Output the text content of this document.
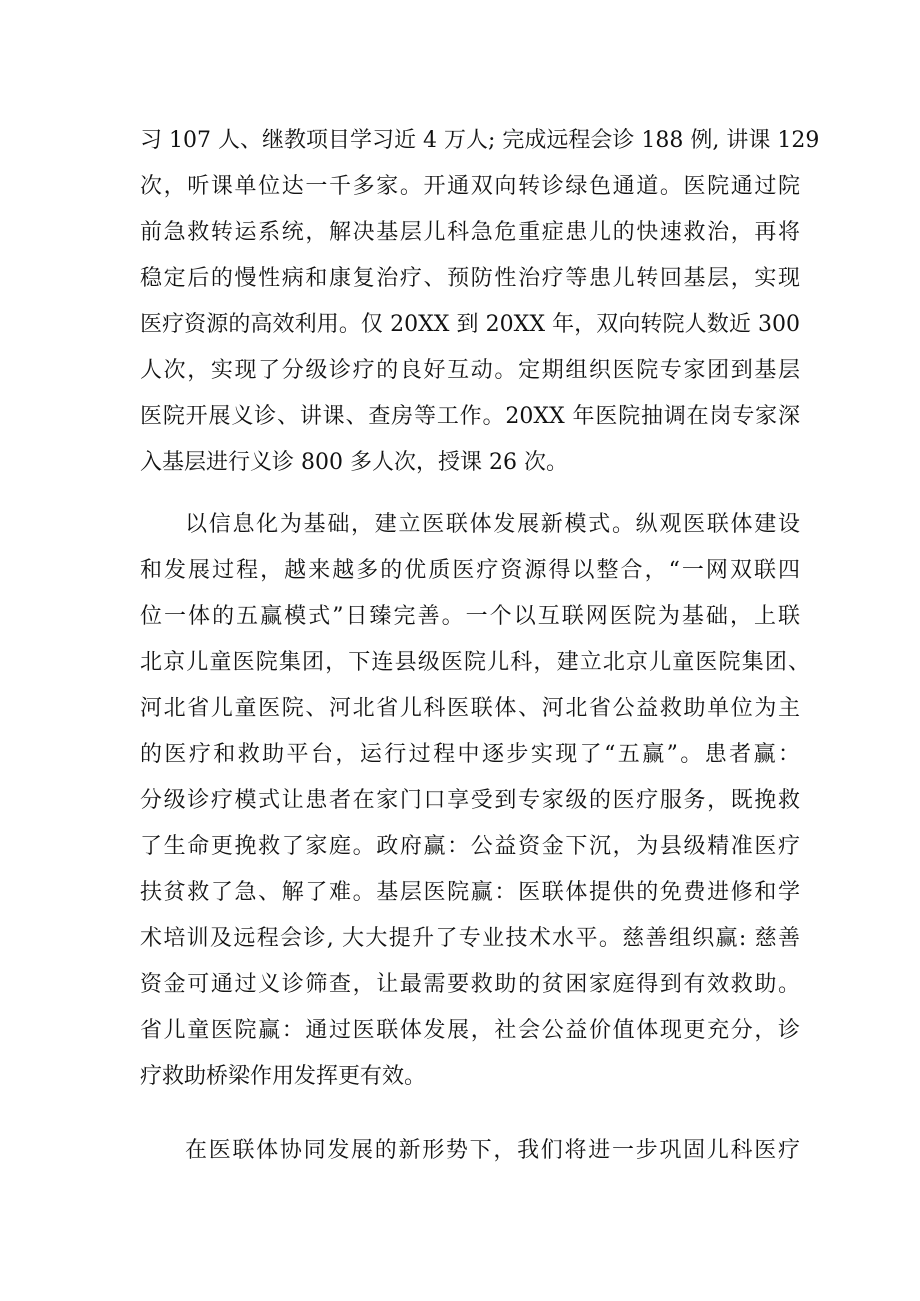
习 107 人、继教项目学习近 4 万人; 完成远程会诊 188 例, 讲课 129
次，听课单位达一千多家。开通双向转诊绿色通道。医院通过院
前急救转运系统，解决基层儿科急危重症患儿的快速救治，再将
稳定后的慢性病和康复治疗、预防性治疗等患儿转回基层，实现
医疗资源的高效利用。仅 20XX 到 20XX 年，双向转院人数近 300
人次，实现了分级诊疗的良好互动。定期组织医院专家团到基层
医院开展义诊、讲课、查房等工作。20XX 年医院抽调在岗专家深
入基层进行义诊 800 多人次，授课 26 次。
以信息化为基础，建立医联体发展新模式。纵观医联体建设
和发展过程，越来越多的优质医疗资源得以整合，“一网双联四
位一体的五赢模式”日臻完善。一个以互联网医院为基础，上联
北京儿童医院集团，下连县级医院儿科，建立北京儿童医院集团、
河北省儿童医院、河北省儿科医联体、河北省公益救助单位为主
的医疗和救助平台，运行过程中逐步实现了“五赢”。患者赢：
分级诊疗模式让患者在家门口享受到专家级的医疗服务，既挽救
了生命更挽救了家庭。政府赢：公益资金下沉，为县级精准医疗
扶贫救了急、解了难。基层医院赢：医联体提供的免费进修和学
术培训及远程会诊, 大大提升了专业技术水平。慈善组织赢: 慈善
资金可通过义诊筛查，让最需要救助的贫困家庭得到有效救助。
省儿童医院赢：通过医联体发展，社会公益价值体现更充分，诊
疗救助桥梁作用发挥更有效。
在医联体协同发展的新形势下，我们将进一步巩固儿科医疗
